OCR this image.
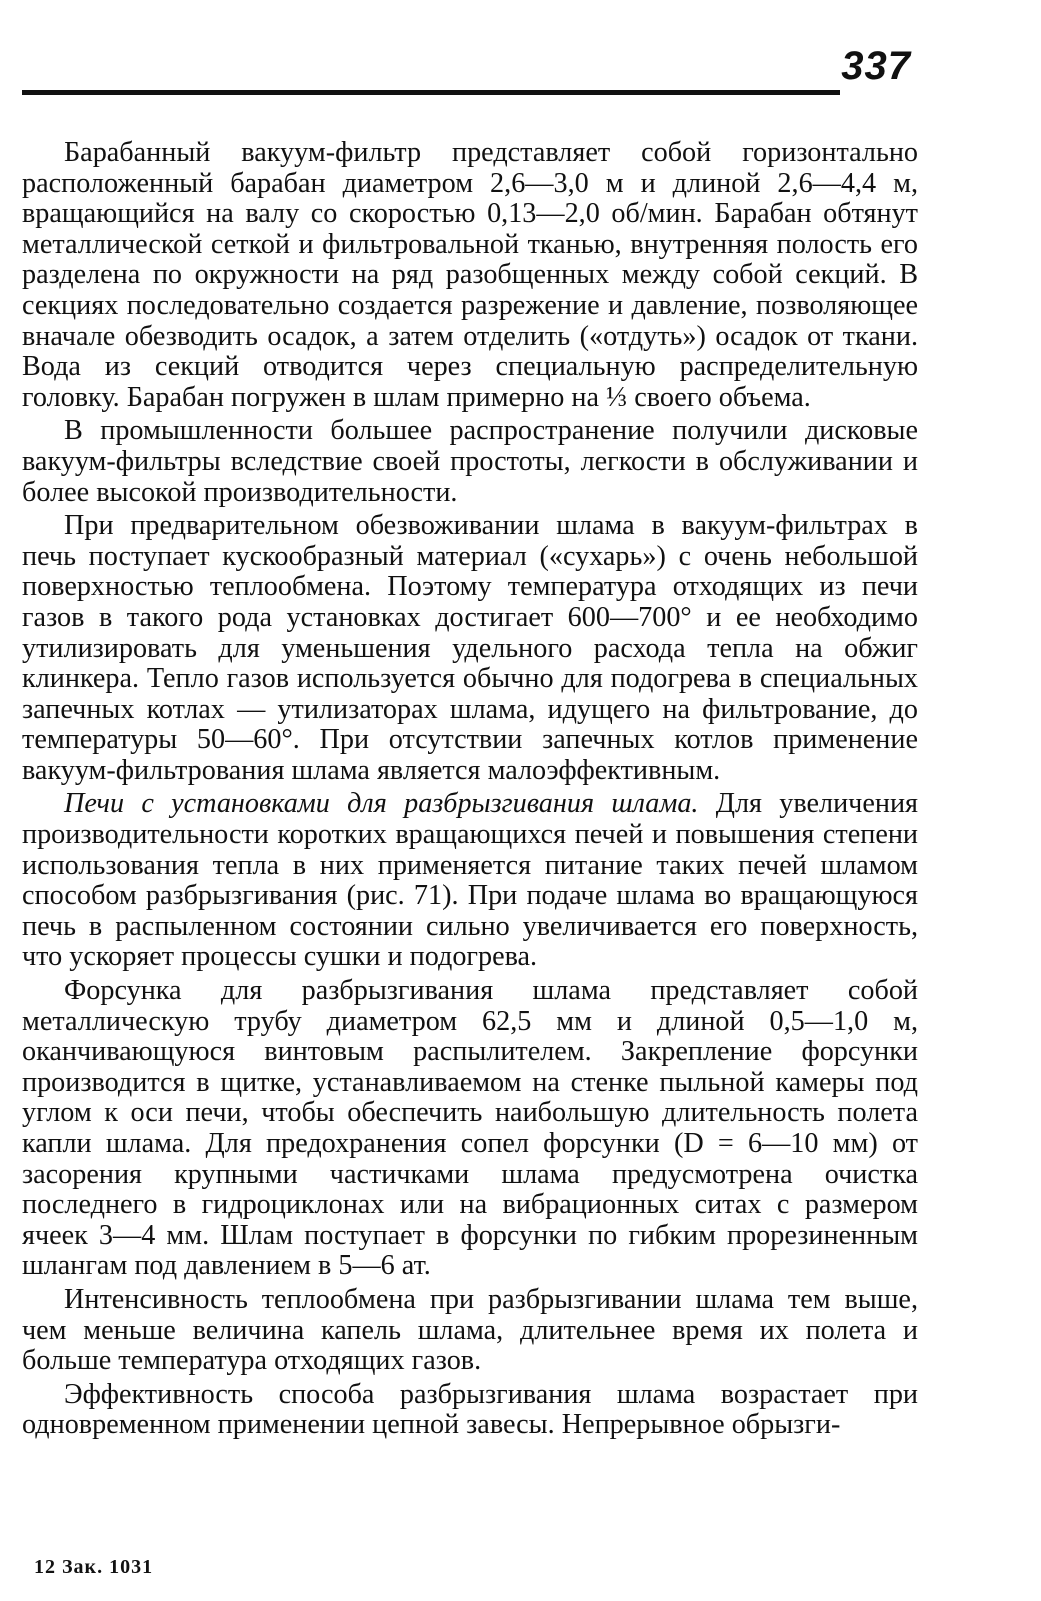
337

Барабанный вакуум-фильтр представляет собой горизонтально расположенный барабан диаметром 2,6—3,0 м и длиной 2,6—4,4 м, вращающийся на валу со скоростью 0,13—2,0 об/мин. Барабан обтянут металлической сеткой и фильтровальной тканью, внутренняя полость его разделена по окружности на ряд разобщенных между собой секций. В секциях последовательно создается разрежение и давление, позволяющее вначале обезводить осадок, а затем отделить («отдуть») осадок от ткани. Вода из секций отводится через специальную распределительную головку. Барабан погружен в шлам примерно на ⅓ своего объема.

В промышленности большее распространение получили дисковые вакуум-фильтры вследствие своей простоты, легкости в обслуживании и более высокой производительности.

При предварительном обезвоживании шлама в вакуум-фильтрах в печь поступает кускообразный материал («сухарь») с очень небольшой поверхностью теплообмена. Поэтому температура отходящих из печи газов в такого рода установках достигает 600—700° и ее необходимо утилизировать для уменьшения удельного расхода тепла на обжиг клинкера. Тепло газов используется обычно для подогрева в специальных запечных котлах — утилизаторах шлама, идущего на фильтрование, до температуры 50—60°. При отсутствии запечных котлов применение вакуум-фильтрования шлама является малоэффективным.

Печи с установками для разбрызгивания шлама. Для увеличения производительности коротких вращающихся печей и повышения степени использования тепла в них применяется питание таких печей шламом способом разбрызгивания (рис. 71). При подаче шлама во вращающуюся печь в распыленном состоянии сильно увеличивается его поверхность, что ускоряет процессы сушки и подогрева.

Форсунка для разбрызгивания шлама представляет собой металлическую трубу диаметром 62,5 мм и длиной 0,5—1,0 м, оканчивающуюся винтовым распылителем. Закрепление форсунки производится в щитке, устанавливаемом на стенке пыльной камеры под углом к оси печи, чтобы обеспечить наибольшую длительность полета капли шлама. Для предохранения сопел форсунки (D = 6—10 мм) от засорения крупными частичками шлама предусмотрена очистка последнего в гидроциклонах или на вибрационных ситах с размером ячеек 3—4 мм. Шлам поступает в форсунки по гибким прорезиненным шлангам под давлением в 5—6 ат.

Интенсивность теплообмена при разбрызгивании шлама тем выше, чем меньше величина капель шлама, длительнее время их полета и больше температура отходящих газов.

Эффективность способа разбрызгивания шлама возрастает при одновременном применении цепной завесы. Непрерывное обрызги-

12 Зак. 1031
